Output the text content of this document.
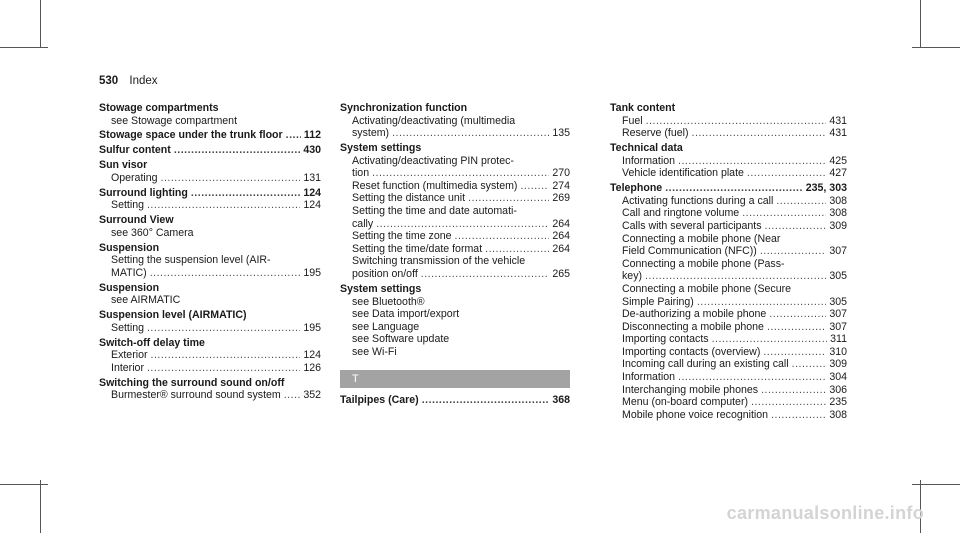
530 Index
Stowage compartments
see Stowage compartment
Stowage space under the trunk floor ..... 112
Sulfur content .....	430
Sun visor
Operating .....	131
Surround lighting .....	124
Setting .....	124
Surround View
see 360° Camera
Suspension
Setting the suspension level (AIR-
MATIC) .....	195
Suspension
see AIRMATIC
Suspension level (AIRMATIC)
Setting .....	195
Switch-off delay time
Exterior .....	124
Interior .....	126
Switching the surround sound on/off
Burmester® surround sound system ..... 352
Synchronization function
Activating/deactivating (multimedia
system) .....	135
System settings
Activating/deactivating PIN protec-
tion .....	270
Reset function (multimedia system) .....	274
Setting the distance unit .....	269
Setting the time and date automati-
cally .....	264
Setting the time zone .....	264
Setting the time/date format .....	264
Switching transmission of the vehicle
position on/off .....	265
System settings
see Bluetooth®
see Data import/export
see Language
see Software update
see Wi-Fi
T
Tailpipes (Care) .....	368
Tank content
Fuel .....	431
Reserve (fuel) .....	431
Technical data
Information .....	425
Vehicle identification plate .....	427
Telephone .....	235, 303
Activating functions during a call .....	308
Call and ringtone volume .....	308
Calls with several participants .....	309
Connecting a mobile phone (Near
Field Communication (NFC)) .....	307
Connecting a mobile phone (Pass-
key) .....	305
Connecting a mobile phone (Secure
Simple Pairing) .....	305
De-authorizing a mobile phone .....	307
Disconnecting a mobile phone .....	307
Importing contacts .....	311
Importing contacts (overview) .....	310
Incoming call during an existing call .....	309
Information .....	304
Interchanging mobile phones .....	306
Menu (on-board computer) .....	235
Mobile phone voice recognition .....	308
carmanualsonline.info
